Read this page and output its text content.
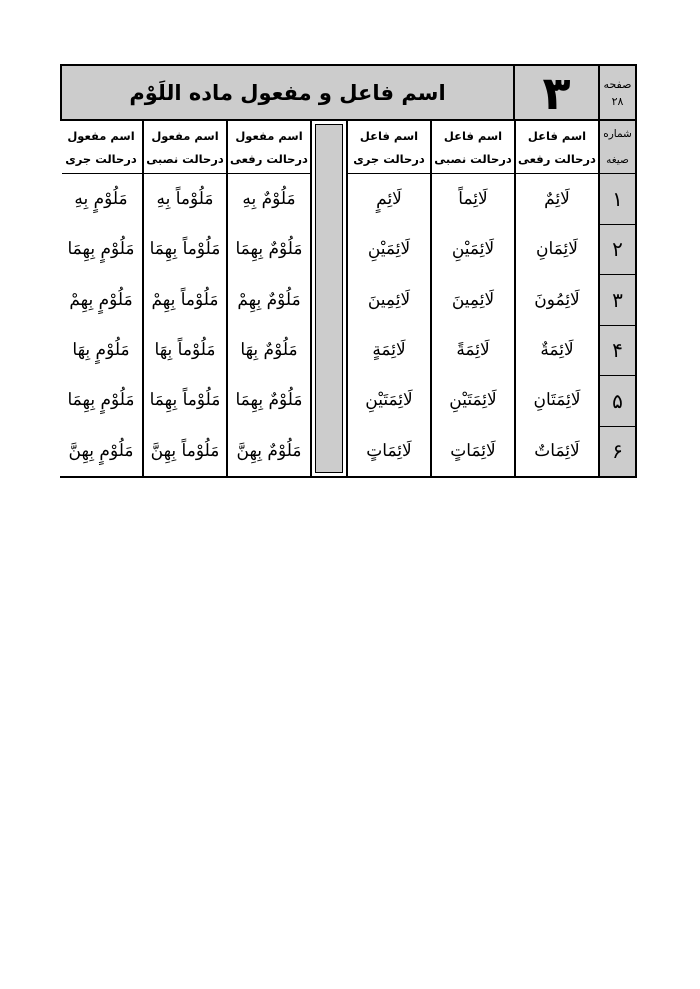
اسم فاعل و مفعول ماده اللَوْم	۳	صفحه
۲۸
اسم فاعل
درحالت رفعی
اسم فاعل
درحالت نصبی
اسم فاعل
درحالت جری
اسم مفعول
درحالت رفعی
اسم مفعول
درحالت نصبی
اسم مفعول
درحالت جری
شماره
صیغه
لَائِمٌ
لَائِمَانِ
لَائِمُونَ
لَائِمَةٌ
لَائِمَتَانِ
لَائِمَاتٌ
لَائِماً
لَائِمَيْنِ
لَائِمِينَ
لَائِمَةً
لَائِمَتَيْنِ
لَائِمَاتٍ
لَائِمٍ
لَائِمَيْنِ
لَائِمِينَ
لَائِمَةٍ
لَائِمَتَيْنِ
لَائِمَاتٍ
مَلُوْمٌ بِهِ
مَلُوْمٌ بِهِمَا
مَلُوْمٌ بِهِمْ
مَلُوْمٌ بِهَا
مَلُوْمٌ بِهِمَا
مَلُوْمٌ بِهِنَّ
مَلُوْماً بِهِ
مَلُوْماً بِهِمَا
مَلُوْماً بِهِمْ
مَلُوْماً بِهَا
مَلُوْماً بِهِمَا
مَلُوْماً بِهِنَّ
مَلُوْمٍ بِهِ
مَلُوْمٍ بِهِمَا
مَلُوْمٍ بِهِمْ
مَلُوْمٍ بِهَا
مَلُوْمٍ بِهِمَا
مَلُوْمٍ بِهِنَّ
۱
۲
۳
۴
۵
۶
